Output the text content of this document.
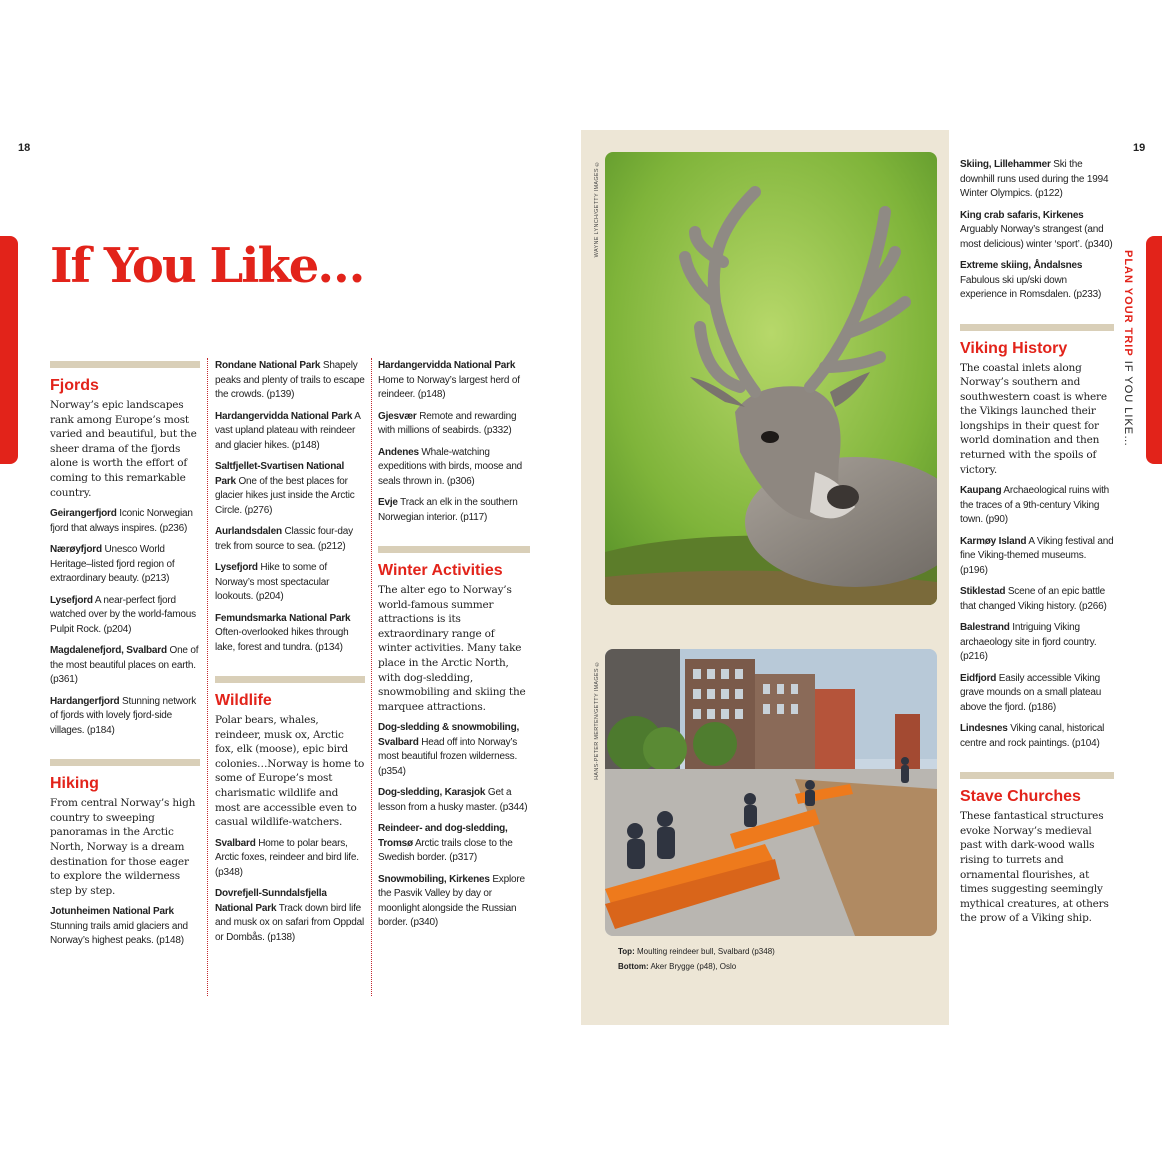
18	19
PLAN YOUR TRIP IF YOU LIKE…
If You Like…
Fjords

Norway’s epic landscapes rank among Europe’s most varied and beautiful, but the sheer drama of the fjords alone is worth the effort of coming to this remarkable country.

Geirangerfjord Iconic Norwegian fjord that always inspires. (p236)

Nærøyfjord Unesco World Heritage–listed fjord region of extraordinary beauty. (p213)

Lysefjord A near-perfect fjord watched over by the world-famous Pulpit Rock. (p204)

Magdalenefjord, Svalbard One of the most beautiful places on earth. (p361)

Hardangerfjord Stunning network of fjords with lovely fjord-side villages. (p184)

Hiking

From central Norway’s high country to sweeping panoramas in the Arctic North, Norway is a dream destination for those eager to explore the wilderness step by step.

Jotunheimen National Park Stunning trails amid glaciers and Norway’s highest peaks. (p148)

Rondane National Park Shapely peaks and plenty of trails to escape the crowds. (p139)

Hardangervidda National Park A vast upland plateau with reindeer and glacier hikes. (p148)

Saltfjellet-Svartisen National Park One of the best places for glacier hikes just inside the Arctic Circle. (p276)

Aurlandsdalen Classic four-day trek from source to sea. (p212)

Lysefjord Hike to some of Norway’s most spectacular lookouts. (p204)

Femundsmarka National Park Often-overlooked hikes through lake, forest and tundra. (p134)

Wildlife

Polar bears, whales, reindeer, musk ox, Arctic fox, elk (moose), epic bird colonies…Norway is home to some of Europe’s most charismatic wildlife and most are accessible even to casual wildlife-watchers.

Svalbard Home to polar bears, Arctic foxes, reindeer and bird life. (p348)

Dovrefjell-Sunndalsfjella National Park Track down bird life and musk ox on safari from Oppdal or Dombås. (p138)

Hardangervidda National Park Home to Norway’s largest herd of reindeer. (p148)

Gjesvær Remote and rewarding with millions of seabirds. (p332)

Andenes Whale-watching expeditions with birds, moose and seals thrown in. (p306)

Evje Track an elk in the southern Norwegian interior. (p117)

Winter Activities

The alter ego to Norway’s world-famous summer attractions is its extraordinary range of winter activities. Many take place in the Arctic North, with dog-sledding, snowmobiling and skiing the marquee attractions.

Dog-sledding & snowmobiling, Svalbard Head off into Norway’s most beautiful frozen wilderness. (p354)

Dog-sledding, Karasjok Get a lesson from a husky master. (p344)

Reindeer- and dog-sledding, Tromsø Arctic trails close to the Swedish border. (p317)

Snowmobiling, Kirkenes Explore the Pasvik Valley by day or moonlight alongside the Russian border. (p340)

WAYNE LYNCH/GETTY IMAGES ©
HANS-PETER MERTEN/GETTY IMAGES ©
Top: Moulting reindeer bull, Svalbard (p348)
Bottom: Aker Brygge (p48), Oslo

Skiing, Lillehammer Ski the downhill runs used during the 1994 Winter Olympics. (p122)

King crab safaris, Kirkenes Arguably Norway’s strangest (and most delicious) winter ‘sport’. (p340)

Extreme skiing, Åndalsnes Fabulous ski up/ski down experience in Romsdalen. (p233)

Viking History

The coastal inlets along Norway’s southern and southwestern coast is where the Vikings launched their longships in their quest for world domination and then returned with the spoils of victory.

Kaupang Archaeological ruins with the traces of a 9th-century Viking town. (p90)

Karmøy Island A Viking festival and fine Viking-themed museums. (p196)

Stiklestad Scene of an epic battle that changed Viking history. (p266)

Balestrand Intriguing Viking archaeology site in fjord country. (p216)

Eidfjord Easily accessible Viking grave mounds on a small plateau above the fjord. (p186)

Lindesnes Viking canal, historical centre and rock paintings. (p104)

Stave Churches

These fantastical structures evoke Norway’s medieval past with dark-wood walls rising to turrets and ornamental flourishes, at times suggesting seemingly mythical creatures, at others the prow of a Viking ship.
